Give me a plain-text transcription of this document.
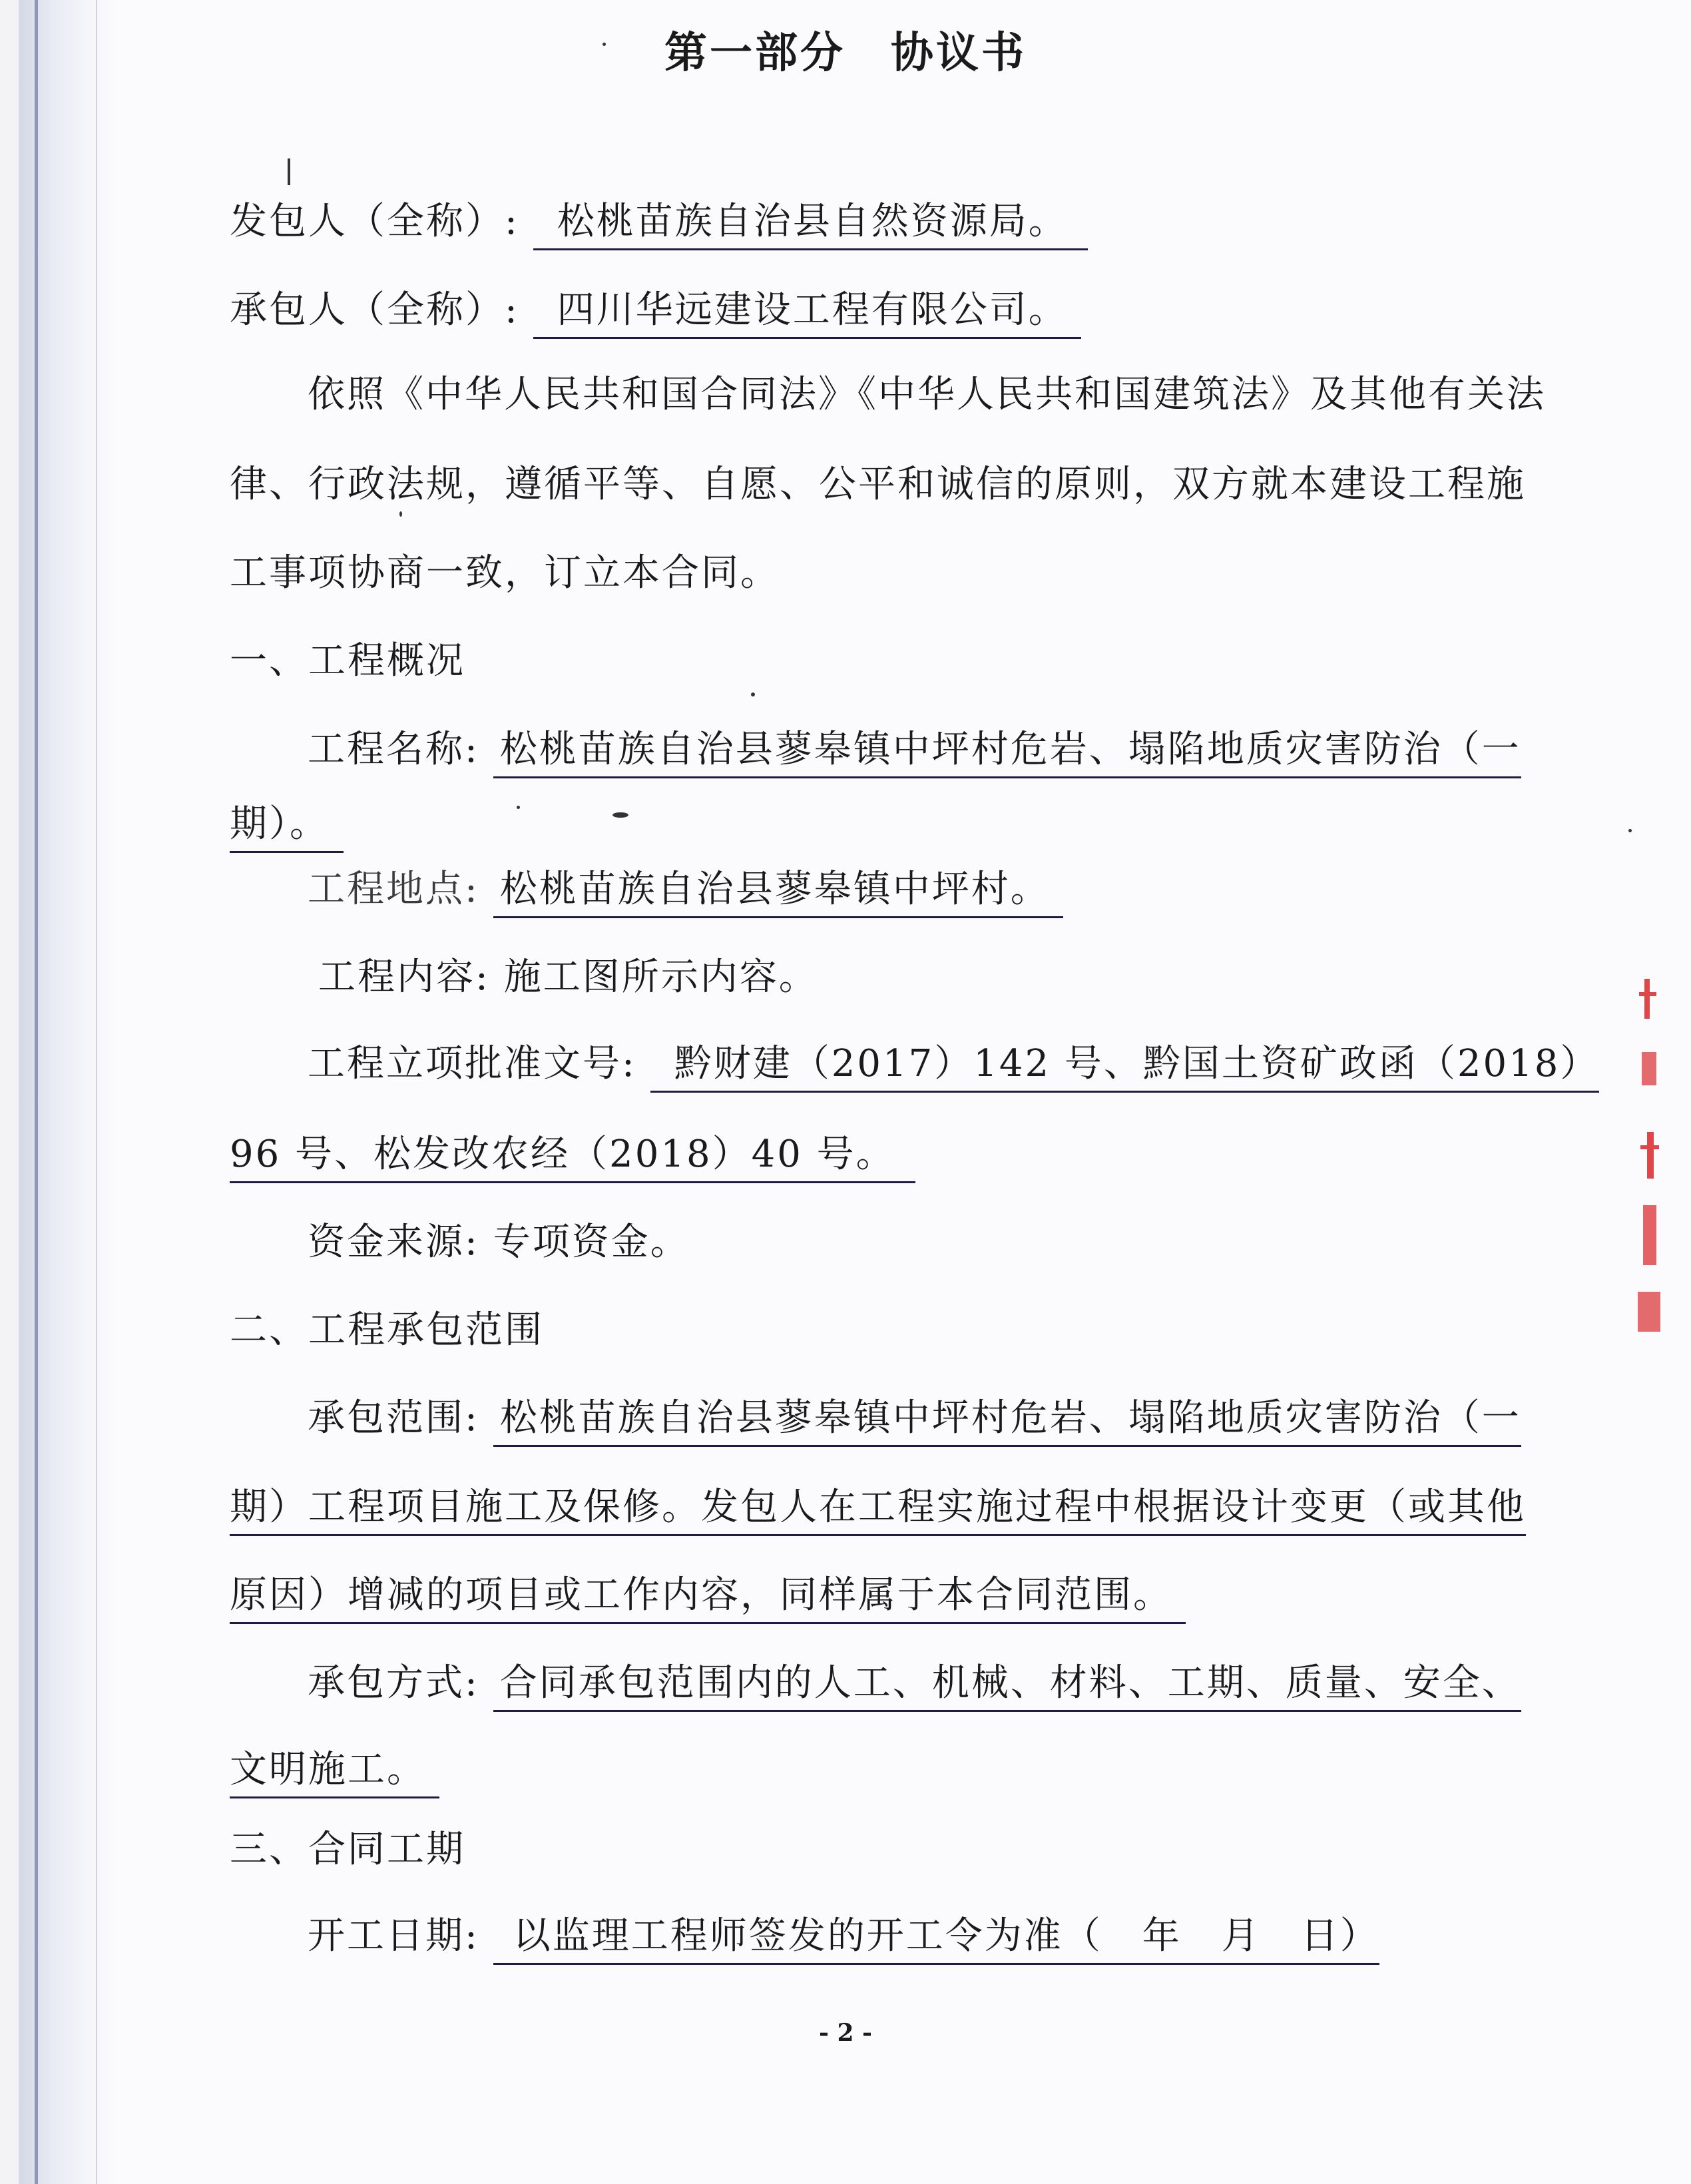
第一部分　协议书
发包人（全称）: 松桃苗族自治县自然资源局。
承包人（全称）: 四川华远建设工程有限公司。
依照《中华人民共和国合同法》《中华人民共和国建筑法》及其他有关法
律、行政法规，遵循平等、自愿、公平和诚信的原则，双方就本建设工程施
工事项协商一致，订立本合同。
一、工程概况
工程名称: 松桃苗族自治县蓼皋镇中坪村危岩、塌陷地质灾害防治（一
期）。
工程地点: 松桃苗族自治县蓼皋镇中坪村。
工程内容: 施工图所示内容。
工程立项批准文号: 黔财建（2017）142 号、黔国土资矿政函（2018）
96 号、松发改农经（2018）40 号。
资金来源: 专项资金。
二、工程承包范围
承包范围: 松桃苗族自治县蓼皋镇中坪村危岩、塌陷地质灾害防治（一
期）工程项目施工及保修。发包人在工程实施过程中根据设计变更（或其他
原因）增减的项目或工作内容，同样属于本合同范围。
承包方式: 合同承包范围内的人工、机械、材料、工期、质量、安全、
文明施工。
三、合同工期
开工日期: 以监理工程师签发的开工令为准（ 年 月 日）
- 2 -
